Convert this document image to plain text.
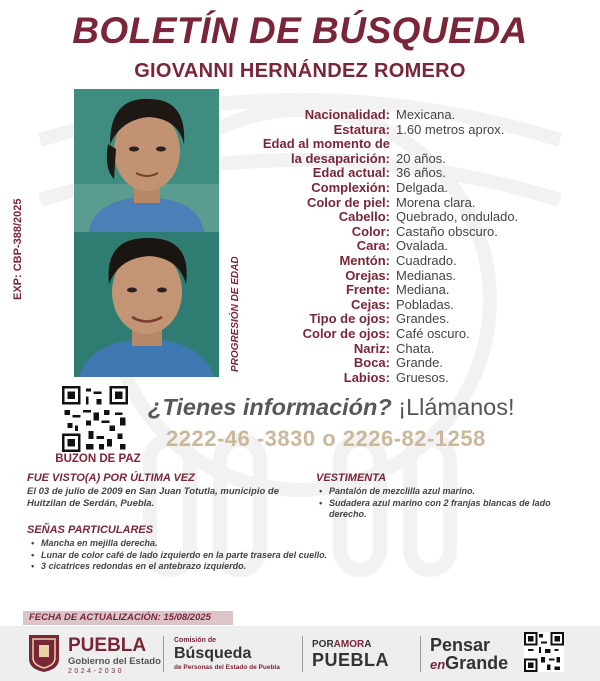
BOLETÍN DE BÚSQUEDA
GIOVANNI HERNÁNDEZ ROMERO
EXP: CBP-388/2025
PROGRESIÓN DE EDAD
Nacionalidad: Mexicana.
Estatura: 1.60 metros aprox.
Edad al momento de
la desaparición: 20 años.
Edad actual: 36 años.
Complexión: Delgada.
Color de piel: Morena clara.
Cabello: Quebrado, ondulado.
Color: Castaño obscuro.
Cara: Ovalada.
Mentón: Cuadrado.
Orejas: Medianas.
Frente: Mediana.
Cejas: Pobladas.
Tipo de ojos: Grandes.
Color de ojos: Café oscuro.
Nariz: Chata.
Boca: Grande.
Labios: Gruesos.
BUZON DE PAZ
¿Tienes información? ¡Llámanos!
2222-46 -3830 o 2226-82-1258
FUE VISTO(A) POR ÚLTIMA VEZ
El 03 de julio de 2009 en San Juan Totutla, municipio de Huitzilan de Serdán, Puebla.
VESTIMENTA
• Pantalón de mezclilla azul marino.
• Sudadera azul marino con 2 franjas blancas de lado derecho.
SEÑAS PARTICULARES
• Mancha en mejilla derecha.
• Lunar de color café de lado izquierdo en la parte trasera del cuello.
• 3 cicatrices redondas en el antebrazo izquierdo.
FECHA DE ACTUALIZACIÓN: 15/08/2025
PUEBLA
Gobierno del Estado
2024-2030
Comisión de
Búsqueda
de Personas del Estado de Puebla
PORAMORA
PUEBLA
Pensar
enGrande
